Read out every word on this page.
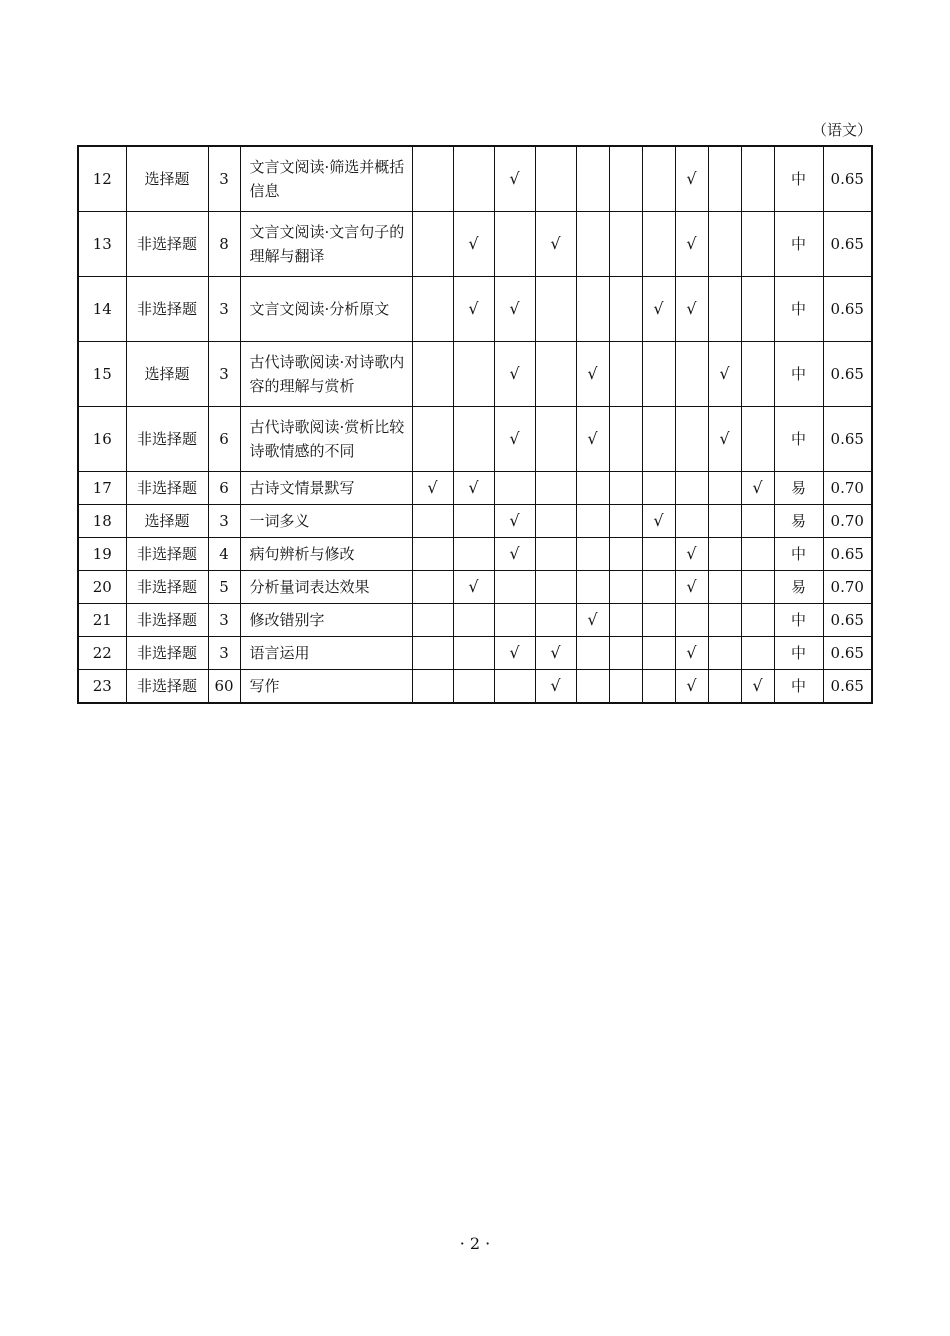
（语文）
12	选择题	3	文言文阅读·筛选并概括信息			√					√			中	0.65
13	非选择题	8	文言文阅读·文言句子的理解与翻译		√		√				√			中	0.65
14	非选择题	3	文言文阅读·分析原文		√	√				√	√			中	0.65
15	选择题	3	古代诗歌阅读·对诗歌内容的理解与赏析			√		√				√		中	0.65
16	非选择题	6	古代诗歌阅读·赏析比较诗歌情感的不同			√		√				√		中	0.65
17	非选择题	6	古诗文情景默写	√	√								√	易	0.70
18	选择题	3	一词多义			√				√				易	0.70
19	非选择题	4	病句辨析与修改			√					√			中	0.65
20	非选择题	5	分析量词表达效果		√						√			易	0.70
21	非选择题	3	修改错别字					√						中	0.65
22	非选择题	3	语言运用			√	√				√			中	0.65
23	非选择题	60	写作				√				√		√	中	0.65
· 2 ·
